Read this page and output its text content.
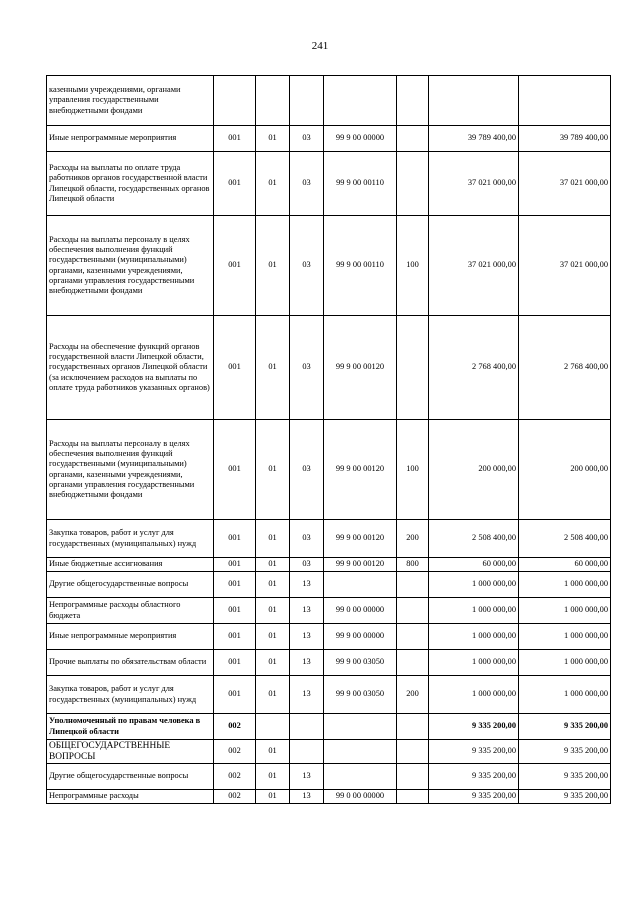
241
казенными учреждениями, органами управления государственными внебюджетными фондами							
Иные непрограммные мероприятия	001	01	03	99 9 00 00000		39 789 400,00	39 789 400,00
Расходы на выплаты по оплате труда работников органов государственной власти Липецкой области, государственных органов Липецкой области	001	01	03	99 9 00 00110		37 021 000,00	37 021 000,00
Расходы на выплаты персоналу в целях обеспечения выполнения функций государственными (муниципальными) органами, казенными учреждениями, органами управления государственными внебюджетными фондами	001	01	03	99 9 00 00110	100	37 021 000,00	37 021 000,00
Расходы на обеспечение функций органов государственной власти Липецкой области, государственных органов Липецкой области (за исключением расходов на выплаты по оплате труда работников указанных органов)	001	01	03	99 9 00 00120		2 768 400,00	2 768 400,00
Расходы на выплаты персоналу в целях обеспечения выполнения функций государственными (муниципальными) органами, казенными учреждениями, органами управления государственными внебюджетными фондами	001	01	03	99 9 00 00120	100	200 000,00	200 000,00
Закупка товаров, работ и услуг для государственных (муниципальных) нужд	001	01	03	99 9 00 00120	200	2 508 400,00	2 508 400,00
Иные бюджетные ассигнования	001	01	03	99 9 00 00120	800	60 000,00	60 000,00
Другие общегосударственные вопросы	001	01	13			1 000 000,00	1 000 000,00
Непрограммные расходы областного бюджета	001	01	13	99 0 00 00000		1 000 000,00	1 000 000,00
Иные непрограммные мероприятия	001	01	13	99 9 00 00000		1 000 000,00	1 000 000,00
Прочие выплаты по обязательствам области	001	01	13	99 9 00 03050		1 000 000,00	1 000 000,00
Закупка товаров, работ и услуг для государственных (муниципальных) нужд	001	01	13	99 9 00 03050	200	1 000 000,00	1 000 000,00
Уполномоченный по правам человека в Липецкой области	002					9 335 200,00	9 335 200,00
ОБЩЕГОСУДАРСТВЕННЫЕ ВОПРОСЫ	002	01				9 335 200,00	9 335 200,00
Другие общегосударственные вопросы	002	01	13			9 335 200,00	9 335 200,00
Непрограммные расходы	002	01	13	99 0 00 00000		9 335 200,00	9 335 200,00
